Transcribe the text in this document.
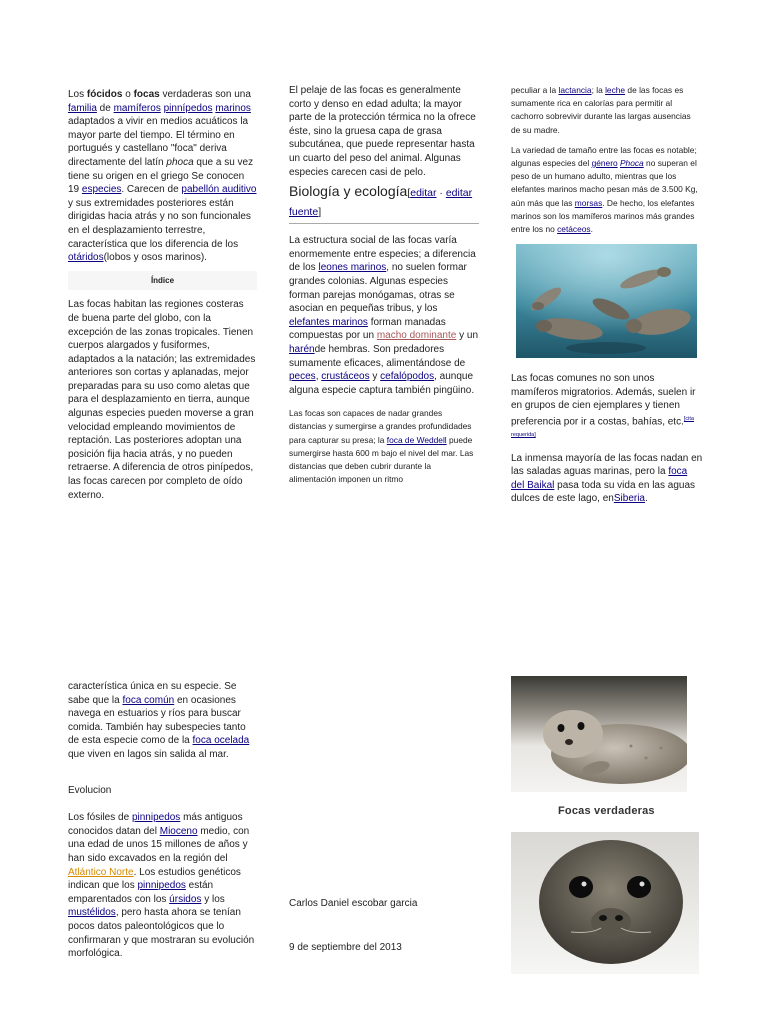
Los fócidos o focas verdaderas son una familia de mamíferos pinnípedos marinos adaptados a vivir en medios acuáticos la mayor parte del tiempo. El término en portugués y castellano "foca" deriva directamente del latín phoca que a su vez tiene su origen en el griego Se conocen 19 especies. Carecen de pabellón auditivo y sus extremidades posteriores están dirigidas hacia atrás y no son funcionales en el desplazamiento terrestre, característica que los diferencia de los otáridos(lobos y osos marinos).

Índice

Las focas habitan las regiones costeras de buena parte del globo, con la excepción de las zonas tropicales. Tienen cuerpos alargados y fusiformes, adaptados a la natación; las extremidades anteriores son cortas y aplanadas, mejor preparadas para su uso como aletas que para el desplazamiento en tierra, aunque algunas especies pueden moverse a gran velocidad empleando movimientos de reptación. Las posteriores adoptan una posición fija hacia atrás, y no pueden retraerse. A diferencia de otros pinípedos, las focas carecen por completo de oído externo.

característica única en su especie. Se sabe que la foca común en ocasiones navega en estuarios y ríos para buscar comida. También hay subespecies tanto de esta especie como de la foca ocelada que viven en lagos sin salida al mar.

Evolucion

Los fósiles de pinnipedos más antiguos conocidos datan del Mioceno medio, con una edad de unos 15 millones de años y han sido excavados en la región del Atlántico Norte. Los estudios genéticos indican que los pinnipedos están emparentados con los úrsidos y los mustélidos, pero hasta ahora se tenían pocos datos paleontológicos que lo confirmaran y que mostraran su evolución morfológica.

El pelaje de las focas es generalmente corto y denso en edad adulta; la mayor parte de la protección térmica no la ofrece éste, sino la gruesa capa de grasa subcutánea, que puede representar hasta un cuarto del peso del animal. Algunas especies carecen casi de pelo.

Biología y ecología[editar · editar fuente]

La estructura social de las focas varía enormemente entre especies; a diferencia de los leones marinos, no suelen formar grandes colonias. Algunas especies forman parejas monógamas, otras se asocian en pequeñas tribus, y los elefantes marinos forman manadas compuestas por un macho dominante y un harénde hembras. Son predadores sumamente eficaces, alimentándose de peces, crustáceos y cefalópodos, aunque alguna especie captura también pingüino.

Las focas son capaces de nadar grandes distancias y sumergirse a grandes profundidades para capturar su presa; la foca de Weddell puede sumergirse hasta 600 m bajo el nivel del mar. Las distancias que deben cubrir durante la alimentación imponen un ritmo

Carlos Daniel escobar garcia
9 de septiembre del 2013

peculiar a la lactancia; la leche de las focas es sumamente rica en calorías para permitir al cachorro sobrevivir durante las largas ausencias de su madre.

La variedad de tamaño entre las focas es notable; algunas especies del género Phoca no superan el peso de un humano adulto, mientras que los elefantes marinos macho pesan más de 3.500 Kg, aún más que las morsas. De hecho, los elefantes marinos son los mamíferos marinos más grandes entre los no cetáceos.

Las focas comunes no son unos mamíferos migratorios. Además, suelen ir en grupos de cien ejemplares y tienen preferencia por ir a costas, bahías, etc.[cita requerida]

La inmensa mayoría de las focas nadan en las saladas aguas marinas, pero la foca del Baikal pasa toda su vida en las aguas dulces de este lago, enSiberia.

Focas verdaderas
